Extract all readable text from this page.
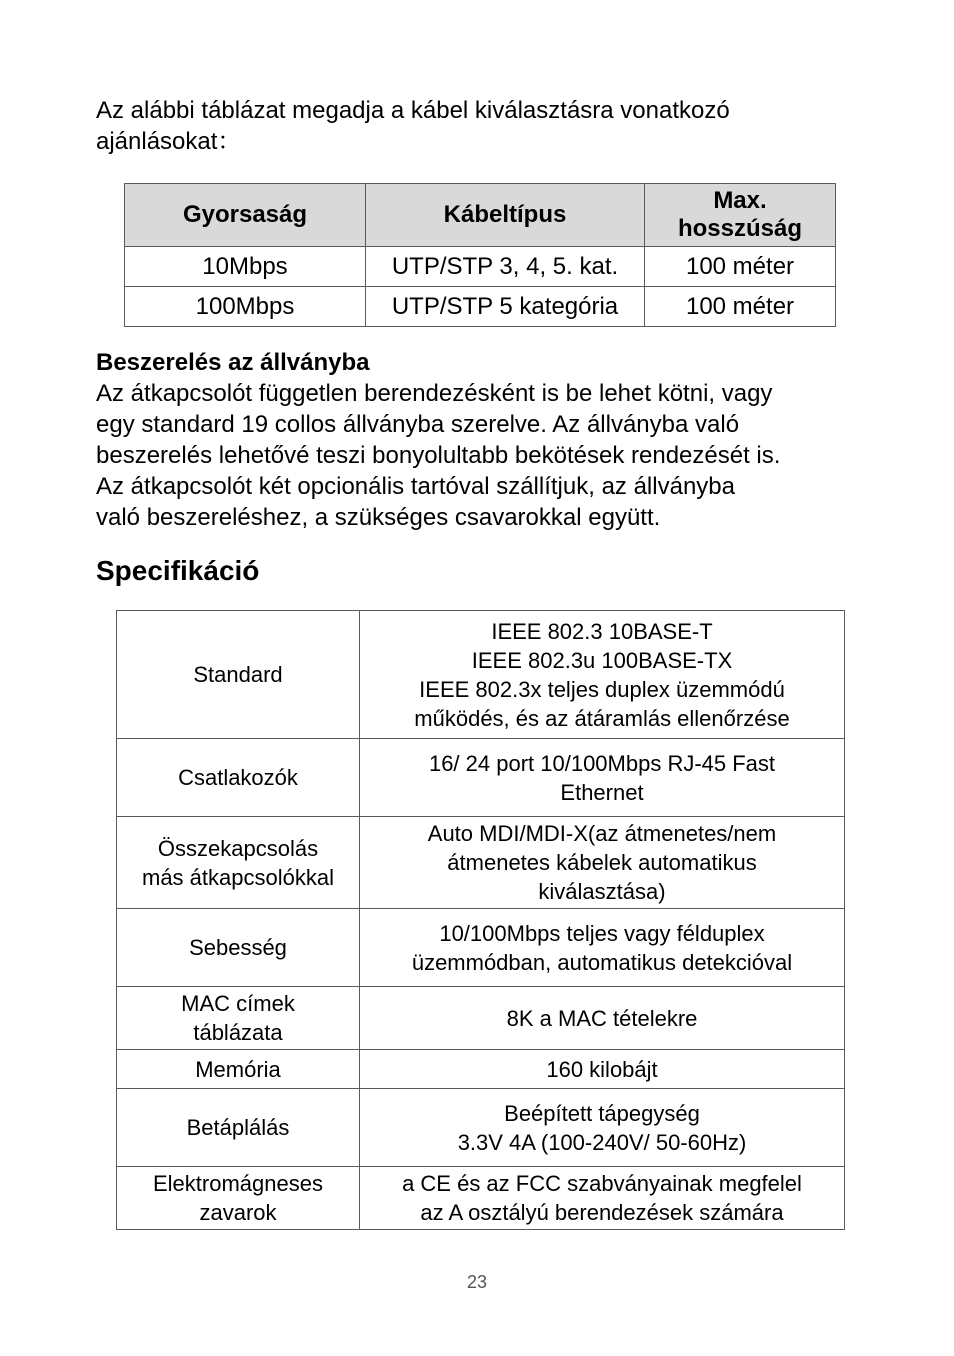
Az alábbi táblázat megadja a kábel kiválasztásra vonatkozó
ajánlásokat：

Gyorsaság	Kábeltípus	Max.
hosszúság
10Mbps	UTP/STP 3, 4, 5. kat.	100 méter
100Mbps	UTP/STP 5 kategória	100 méter
Beszerelés az állványba

Az átkapcsolót független berendezésként is be lehet kötni, vagy
egy standard 19 collos állványba szerelve. Az állványba való
beszerelés lehetővé teszi bonyolultabb bekötések rendezését is.
Az átkapcsolót két opcionális tartóval szállítjuk, az állványba
való beszereléshez, a szükséges csavarokkal együtt.

Specifikáció
Standard	IEEE 802.3 10BASE-T
IEEE 802.3u 100BASE-TX
IEEE 802.3x teljes duplex üzemmódú
működés, és az átáramlás ellenőrzése
Csatlakozók	16/ 24 port 10/100Mbps RJ-45 Fast
Ethernet
Összekapcsolás
más átkapcsolókkal	Auto MDI/MDI-X(az átmenetes/nem
átmenetes kábelek automatikus
kiválasztása)
Sebesség	10/100Mbps teljes vagy félduplex
üzemmódban, automatikus detekcióval
MAC címek
táblázata	8K a MAC tételekre
Memória	160 kilobájt
Betáplálás	Beépített tápegység
3.3V 4A (100-240V/ 50-60Hz)
Elektromágneses
zavarok	a CE és az FCC szabványainak megfelel
az A osztályú berendezések számára
23
